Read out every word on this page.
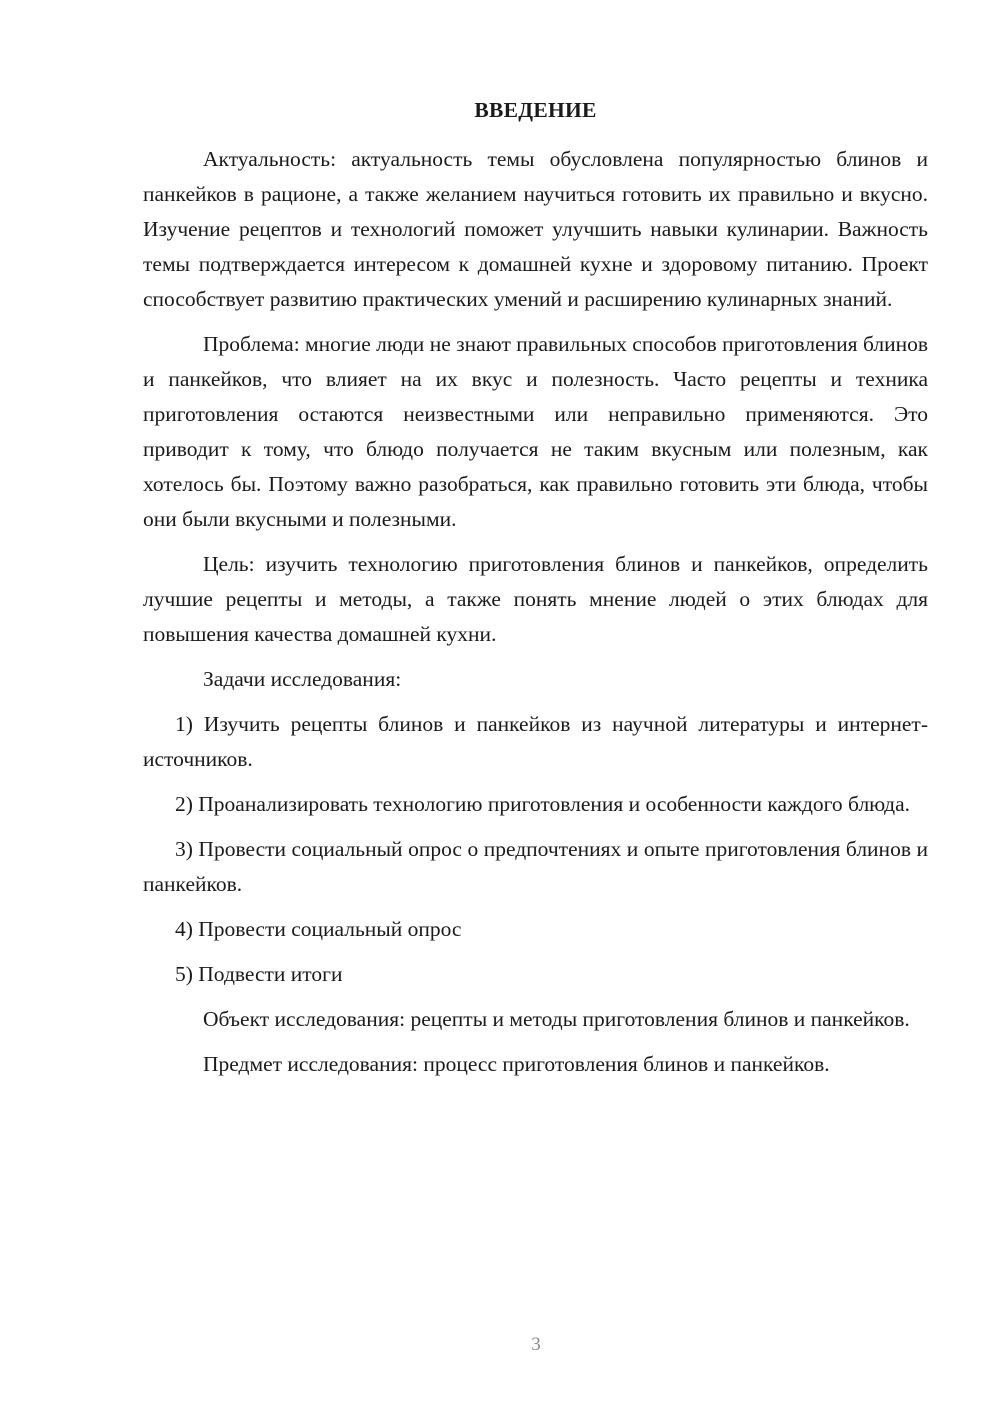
ВВЕДЕНИЕ

Актуальность: актуальность темы обусловлена популярностью блинов и панкейков в рационе, а также желанием научиться готовить их правильно и вкусно. Изучение рецептов и технологий поможет улучшить навыки кулинарии. Важность темы подтверждается интересом к домашней кухне и здоровому питанию. Проект способствует развитию практических умений и расширению кулинарных знаний.

Проблема: многие люди не знают правильных способов приготовления блинов и панкейков, что влияет на их вкус и полезность. Часто рецепты и техника приготовления остаются неизвестными или неправильно применяются. Это приводит к тому, что блюдо получается не таким вкусным или полезным, как хотелось бы. Поэтому важно разобраться, как правильно готовить эти блюда, чтобы они были вкусными и полезными.

Цель: изучить технологию приготовления блинов и панкейков, определить лучшие рецепты и методы, а также понять мнение людей о этих блюдах для повышения качества домашней кухни.

Задачи исследования:

1) Изучить рецепты блинов и панкейков из научной литературы и интернет-источников.

2) Проанализировать технологию приготовления и особенности каждого блюда.

3) Провести социальный опрос о предпочтениях и опыте приготовления блинов и панкейков.

4) Провести социальный опрос

5) Подвести итоги

Объект исследования: рецепты и методы приготовления блинов и панкейков.

Предмет исследования: процесс приготовления блинов и панкейков.

3
